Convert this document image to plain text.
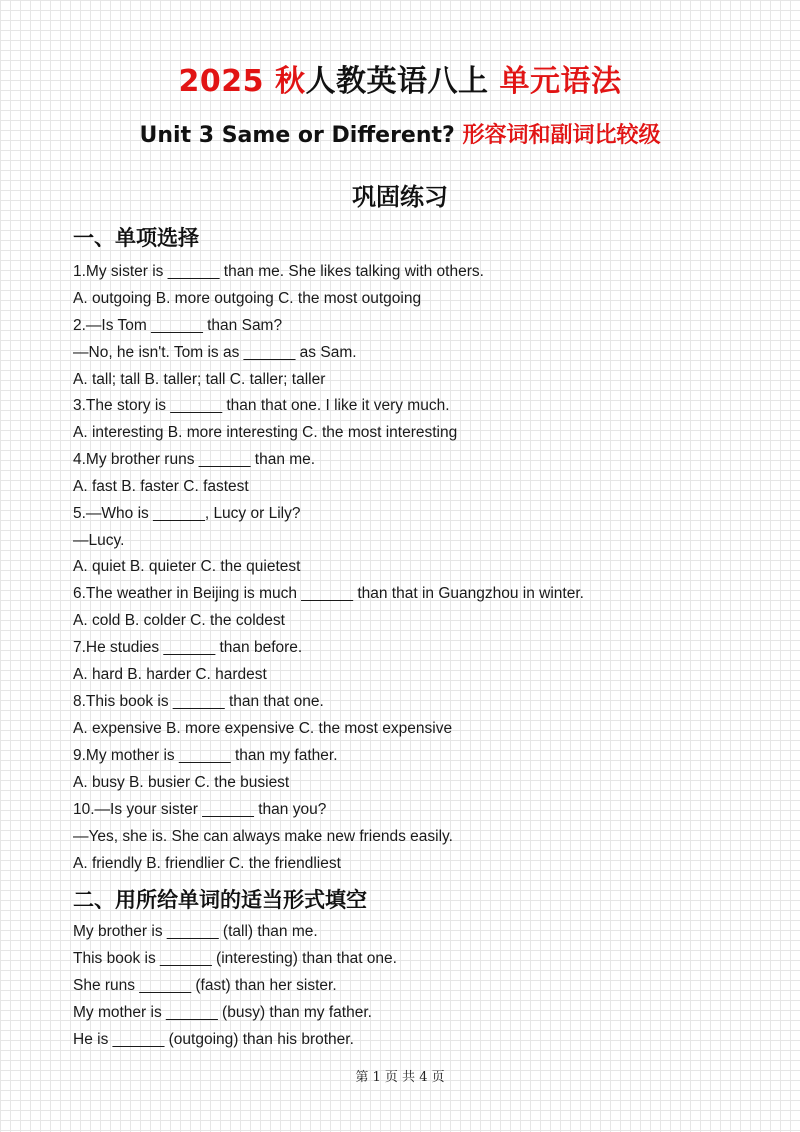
2025 秋人教英语八上 单元语法
Unit 3 Same or Different? 形容词和副词比较级
巩固练习
一、单项选择
1.My sister is ______ than me. She likes talking with others.
A. outgoing B. more outgoing C. the most outgoing
2.—Is Tom ______ than Sam?
—No, he isn't. Tom is as ______ as Sam.
A. tall; tall B. taller; tall C. taller; taller
3.The story is ______ than that one. I like it very much.
A. interesting B. more interesting C. the most interesting
4.My brother runs ______ than me.
A. fast B. faster C. fastest
5.—Who is ______, Lucy or Lily?
—Lucy.
A. quiet B. quieter C. the quietest
6.The weather in Beijing is much ______ than that in Guangzhou in winter.
A. cold B. colder C. the coldest
7.He studies ______ than before.
A. hard B. harder C. hardest
8.This book is ______ than that one.
A. expensive B. more expensive C. the most expensive
9.My mother is ______ than my father.
A. busy B. busier C. the busiest
10.—Is your sister ______ than you?
—Yes, she is. She can always make new friends easily.
A. friendly B. friendlier C. the friendliest
二、用所给单词的适当形式填空
My brother is ______ (tall) than me.
This book is ______ (interesting) than that one.
She runs ______ (fast) than her sister.
My mother is ______ (busy) than my father.
He is ______ (outgoing) than his brother.
第 1 页 共 4 页
